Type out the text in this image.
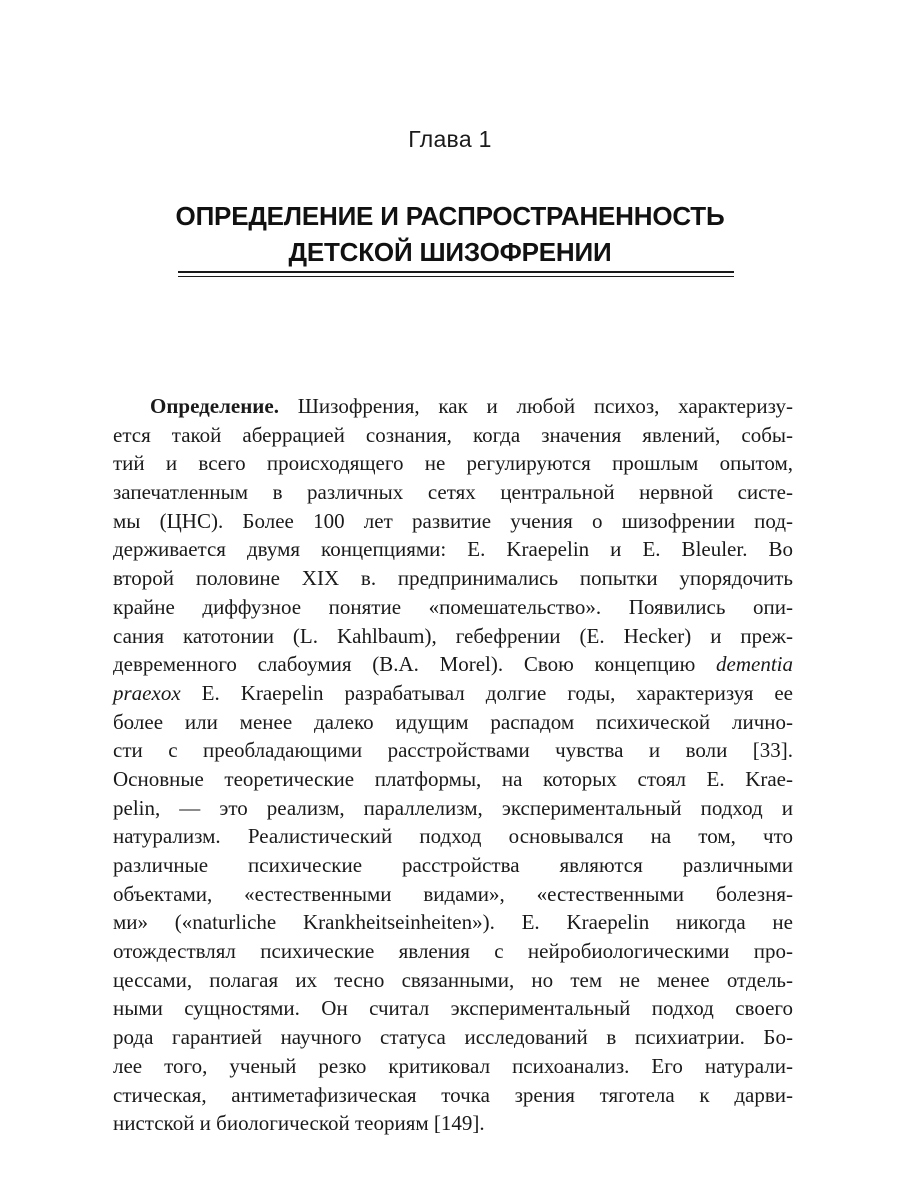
Глава 1
ОПРЕДЕЛЕНИЕ И РАСПРОСТРАНЕННОСТЬ
ДЕТСКОЙ ШИЗОФРЕНИИ
Определение. Шизофрения, как и любой психоз, характеризу-
ется такой аберрацией сознания, когда значения явлений, собы-
тий и всего происходящего не регулируются прошлым опытом,
запечатленным в различных сетях центральной нервной систе-
мы (ЦНС). Более 100 лет развитие учения о шизофрении под-
держивается двумя концепциями: E. Kraepelin и E. Bleuler. Во
второй половине XIX в. предпринимались попытки упорядочить
крайне диффузное понятие «помешательство». Появились опи-
сания катотонии (L. Kahlbaum), гебефрении (E. Hecker) и преж-
девременного слабоумия (B.A. Morel). Свою концепцию dementia
praexox E. Kraepelin разрабатывал долгие годы, характеризуя ее
более или менее далеко идущим распадом психической лично-
сти с преобладающими расстройствами чувства и воли [33].
Основные теоретические платформы, на которых стоял E. Krae-
pelin, — это реализм, параллелизм, экспериментальный подход и
натурализм. Реалистический подход основывался на том, что
различные психические расстройства являются различными
объектами, «естественными видами», «естественными болезня-
ми» («naturliche Krankheitseinheiten»). E. Kraepelin никогда не
отождествлял психические явления с нейробиологическими про-
цессами, полагая их тесно связанными, но тем не менее отдель-
ными сущностями. Он считал экспериментальный подход своего
рода гарантией научного статуса исследований в психиатрии. Бо-
лее того, ученый резко критиковал психоанализ. Его натурали-
стическая, антиметафизическая точка зрения тяготела к дарви-
нистской и биологической теориям [149].
